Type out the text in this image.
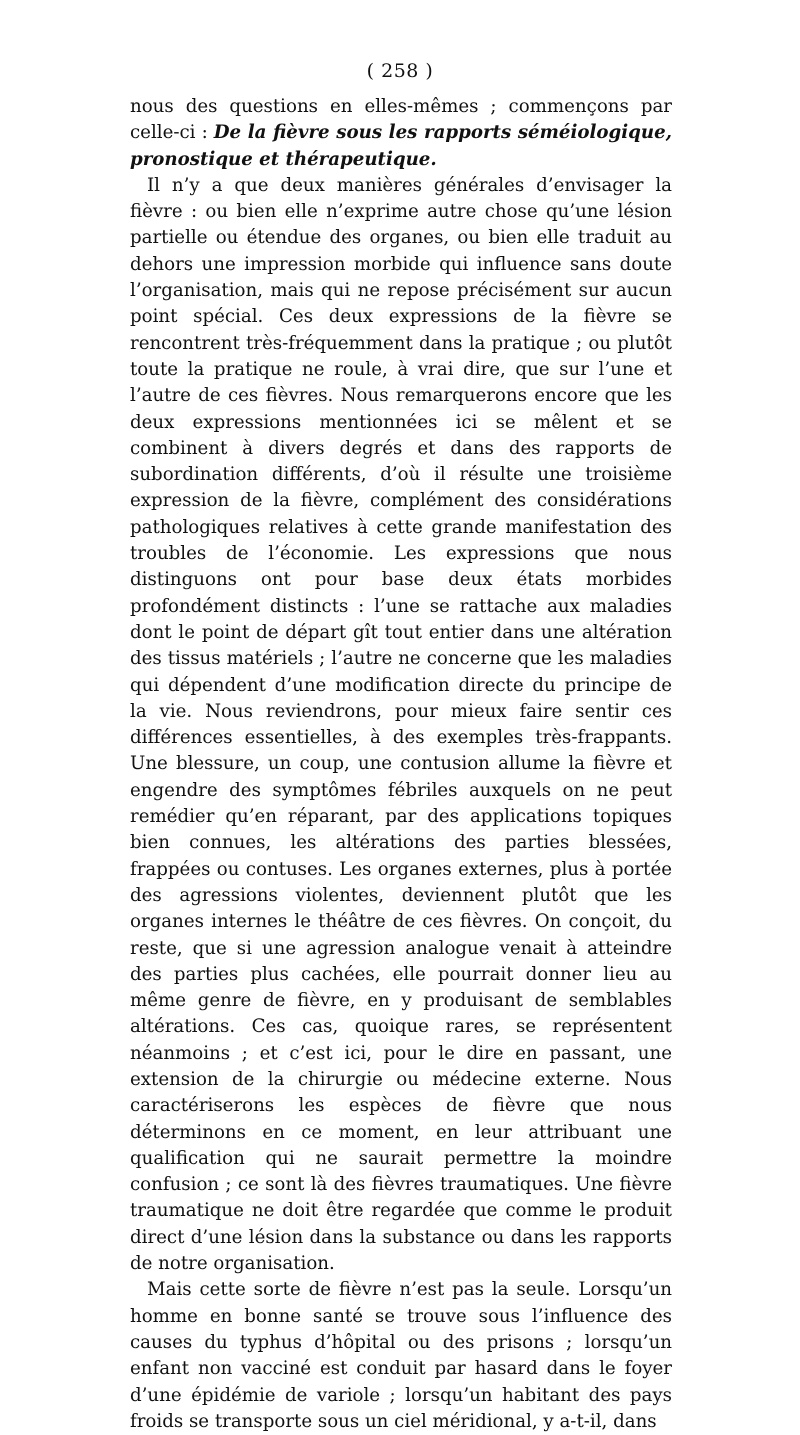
( 258 )

nous des questions en elles-mêmes ; commençons par celle-ci : De la fièvre sous les rapports séméiologique, pronostique et thérapeutique.

Il n’y a que deux manières générales d’envisager la fièvre : ou bien elle n’exprime autre chose qu’une lésion partielle ou étendue des organes, ou bien elle traduit au dehors une impression morbide qui influence sans doute l’organisation, mais qui ne repose précisément sur aucun point spécial. Ces deux expressions de la fièvre se rencontrent très-fréquemment dans la pratique ; ou plutôt toute la pratique ne roule, à vrai dire, que sur l’une et l’autre de ces fièvres. Nous remarquerons encore que les deux expressions mentionnées ici se mêlent et se combinent à divers degrés et dans des rapports de subordination différents, d’où il résulte une troisième expression de la fièvre, complément des considérations pathologiques relatives à cette grande manifestation des troubles de l’économie. Les expressions que nous distinguons ont pour base deux états morbides profondément distincts : l’une se rattache aux maladies dont le point de départ gît tout entier dans une altération des tissus matériels ; l’autre ne concerne que les maladies qui dépendent d’une modification directe du principe de la vie. Nous reviendrons, pour mieux faire sentir ces différences essentielles, à des exemples très-frappants. Une blessure, un coup, une contusion allume la fièvre et engendre des symptômes fébriles auxquels on ne peut remédier qu’en réparant, par des applications topiques bien connues, les altérations des parties blessées, frappées ou contuses. Les organes externes, plus à portée des agressions violentes, deviennent plutôt que les organes internes le théâtre de ces fièvres. On conçoit, du reste, que si une agression analogue venait à atteindre des parties plus cachées, elle pourrait donner lieu au même genre de fièvre, en y produisant de semblables altérations. Ces cas, quoique rares, se représentent néanmoins ; et c’est ici, pour le dire en passant, une extension de la chirurgie ou médecine externe. Nous caractériserons les espèces de fièvre que nous déterminons en ce moment, en leur attribuant une qualification qui ne saurait permettre la moindre confusion ; ce sont là des fièvres traumatiques. Une fièvre traumatique ne doit être regardée que comme le produit direct d’une lésion dans la substance ou dans les rapports de notre organisation.

Mais cette sorte de fièvre n’est pas la seule. Lorsqu’un homme en bonne santé se trouve sous l’influence des causes du typhus d’hôpital ou des prisons ; lorsqu’un enfant non vacciné est conduit par hasard dans le foyer d’une épidémie de variole ; lorsqu’un habitant des pays froids se transporte sous un ciel méridional, y a-t-il, dans
